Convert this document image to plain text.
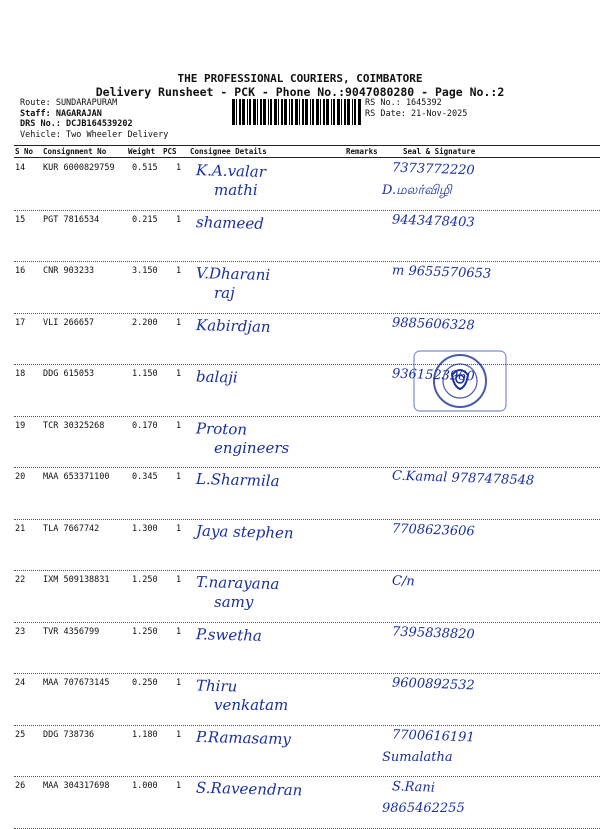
THE PROFESSIONAL COURIERS, COIMBATORE
Delivery Runsheet - PCK - Phone No.:9047080280 - Page No.:2
Route: SUNDARAPURAM
Staff: NAGARAJAN
DRS No.: DCJB164539202
Vehicle: Two Wheeler Delivery
RS No.: 1645392
RS Date: 21-Nov-2025
S No Consignment No	Weight PCS Consignee Details	Remarks	Seal & Signature
14 KUR 6000829759 0.515 1 K.A.valar
mathi
7373772220
D.மலர்விழி
15 PGT 7816534	0.215 1 shameed	9443478403
16 CNR 903233	3.150 1 V.Dharani
raj
m 9655570653
17 VLI 266657	2.200 1 Kabirdjan	9885606328
18 DDG 615053	1.150 1 balaji	9361523960
19 TCR 30325268	0.170 1 Proton
engineers
20 MAA 653371100	0.345 1 L.Sharmila	C.Kamal 9787478548
21 TLA 7667742	1.300 1 Jaya stephen	7708623606
22 IXM 509138831	1.250 1 T.narayana
samy
C/n
23 TVR 4356799	1.250 1 P.swetha	7395838820
24 MAA 707673145	0.250 1 Thiru
venkatam
9600892532
25 DDG 738736	1.180 1 P.Ramasamy	7700616191
Sumalatha
26 MAA 304317698	1.000 1 S.Raveendran	S.Rani
9865462255
